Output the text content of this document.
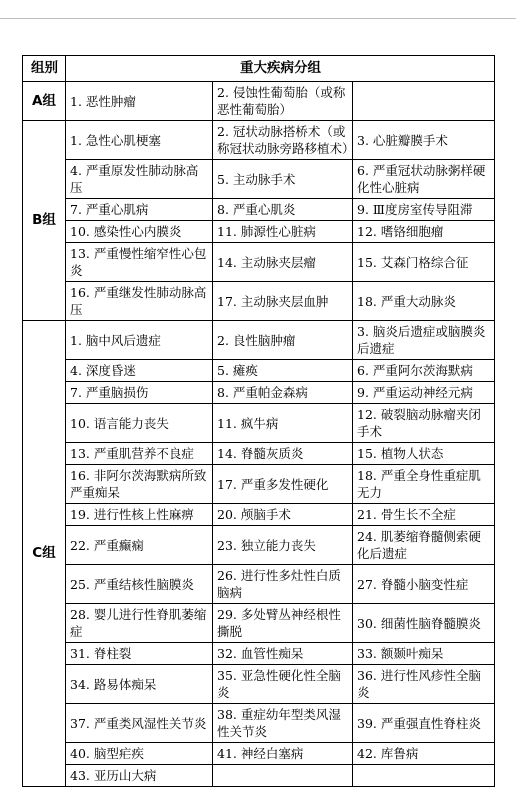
组别	重大疾病分组		
A组	1. 恶性肿瘤	2. 侵蚀性葡萄胎（或称恶性葡萄胎）	
B组	1. 急性心肌梗塞	2. 冠状动脉搭桥术（或称冠状动脉旁路移植术）	3. 心脏瓣膜手术
	4. 严重原发性肺动脉高压	5. 主动脉手术	6. 严重冠状动脉粥样硬化性心脏病
	7. 严重心肌病	8. 严重心肌炎	9. Ⅲ度房室传导阻滞
	10. 感染性心内膜炎	11. 肺源性心脏病	12. 嗜铬细胞瘤
	13. 严重慢性缩窄性心包炎	14. 主动脉夹层瘤	15. 艾森门格综合征
	16. 严重继发性肺动脉高压	17. 主动脉夹层血肿	18. 严重大动脉炎
C组	1. 脑中风后遗症	2. 良性脑肿瘤	3. 脑炎后遗症或脑膜炎后遗症
	4. 深度昏迷	5. 瘫痪	6. 严重阿尔茨海默病
	7. 严重脑损伤	8. 严重帕金森病	9. 严重运动神经元病
	10. 语言能力丧失	11. 疯牛病	12. 破裂脑动脉瘤夹闭手术
	13. 严重肌营养不良症	14. 脊髓灰质炎	15. 植物人状态
	16. 非阿尔茨海默病所致严重痴呆	17. 严重多发性硬化	18. 严重全身性重症肌无力
	19. 进行性核上性麻痹	20. 颅脑手术	21. 骨生长不全症
	22. 严重癫痫	23. 独立能力丧失	24. 肌萎缩脊髓侧索硬化后遗症
	25. 严重结核性脑膜炎	26. 进行性多灶性白质脑病	27. 脊髓小脑变性症
	28. 婴儿进行性脊肌萎缩症	29. 多处臂丛神经根性撕脱	30. 细菌性脑脊髓膜炎
	31. 脊柱裂	32. 血管性痴呆	33. 额颞叶痴呆
	34. 路易体痴呆	35. 亚急性硬化性全脑炎	36. 进行性风疹性全脑炎
	37. 严重类风湿性关节炎	38. 重症幼年型类风湿性关节炎	39. 严重强直性脊柱炎
	40. 脑型疟疾	41. 神经白塞病	42. 库鲁病
	43. 亚历山大病		
